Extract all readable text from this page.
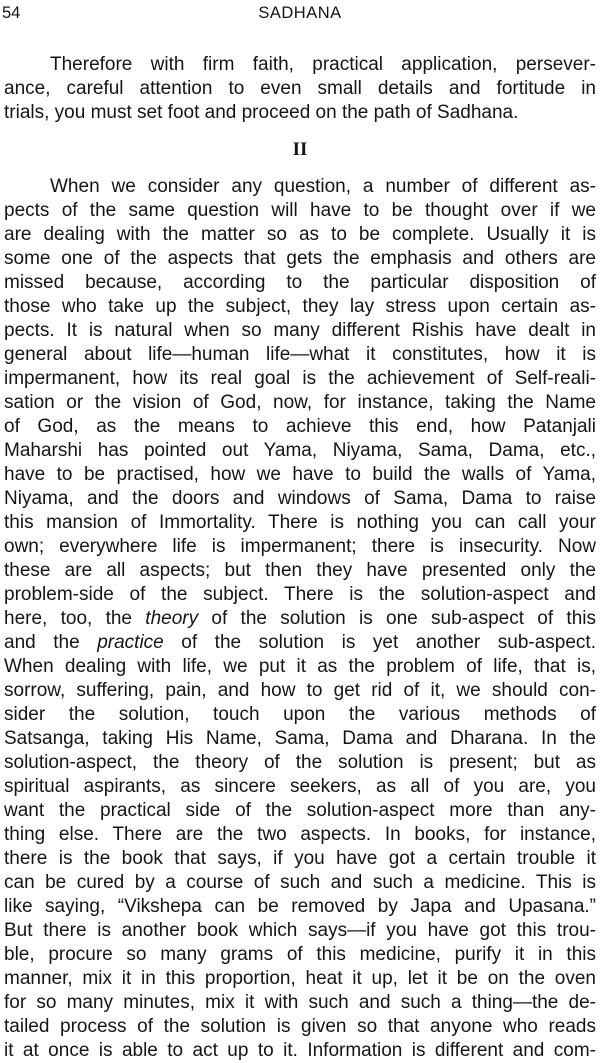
54	SADHANA
Therefore with firm faith, practical application, persever-
ance, careful attention to even small details and fortitude in
trials, you must set foot and proceed on the path of Sadhana.
II
When we consider any question, a number of different as-
pects of the same question will have to be thought over if we
are dealing with the matter so as to be complete. Usually it is
some one of the aspects that gets the emphasis and others are
missed because, according to the particular disposition of
those who take up the subject, they lay stress upon certain as-
pects. It is natural when so many different Rishis have dealt in
general about life—human life—what it constitutes, how it is
impermanent, how its real goal is the achievement of Self-reali-
sation or the vision of God, now, for instance, taking the Name
of God, as the means to achieve this end, how Patanjali
Maharshi has pointed out Yama, Niyama, Sama, Dama, etc.,
have to be practised, how we have to build the walls of Yama,
Niyama, and the doors and windows of Sama, Dama to raise
this mansion of Immortality. There is nothing you can call your
own; everywhere life is impermanent; there is insecurity. Now
these are all aspects; but then they have presented only the
problem-side of the subject. There is the solution-aspect and
here, too, the theory of the solution is one sub-aspect of this
and the practice of the solution is yet another sub-aspect.
When dealing with life, we put it as the problem of life, that is,
sorrow, suffering, pain, and how to get rid of it, we should con-
sider the solution, touch upon the various methods of
Satsanga, taking His Name, Sama, Dama and Dharana. In the
solution-aspect, the theory of the solution is present; but as
spiritual aspirants, as sincere seekers, as all of you are, you
want the practical side of the solution-aspect more than any-
thing else. There are the two aspects. In books, for instance,
there is the book that says, if you have got a certain trouble it
can be cured by a course of such and such a medicine. This is
like saying, “Vikshepa can be removed by Japa and Upasana.”
But there is another book which says—if you have got this trou-
ble, procure so many grams of this medicine, purify it in this
manner, mix it in this proportion, heat it up, let it be on the oven
for so many minutes, mix it with such and such a thing—the de-
tailed process of the solution is given so that anyone who reads
it at once is able to act up to it. Information is different and com-
